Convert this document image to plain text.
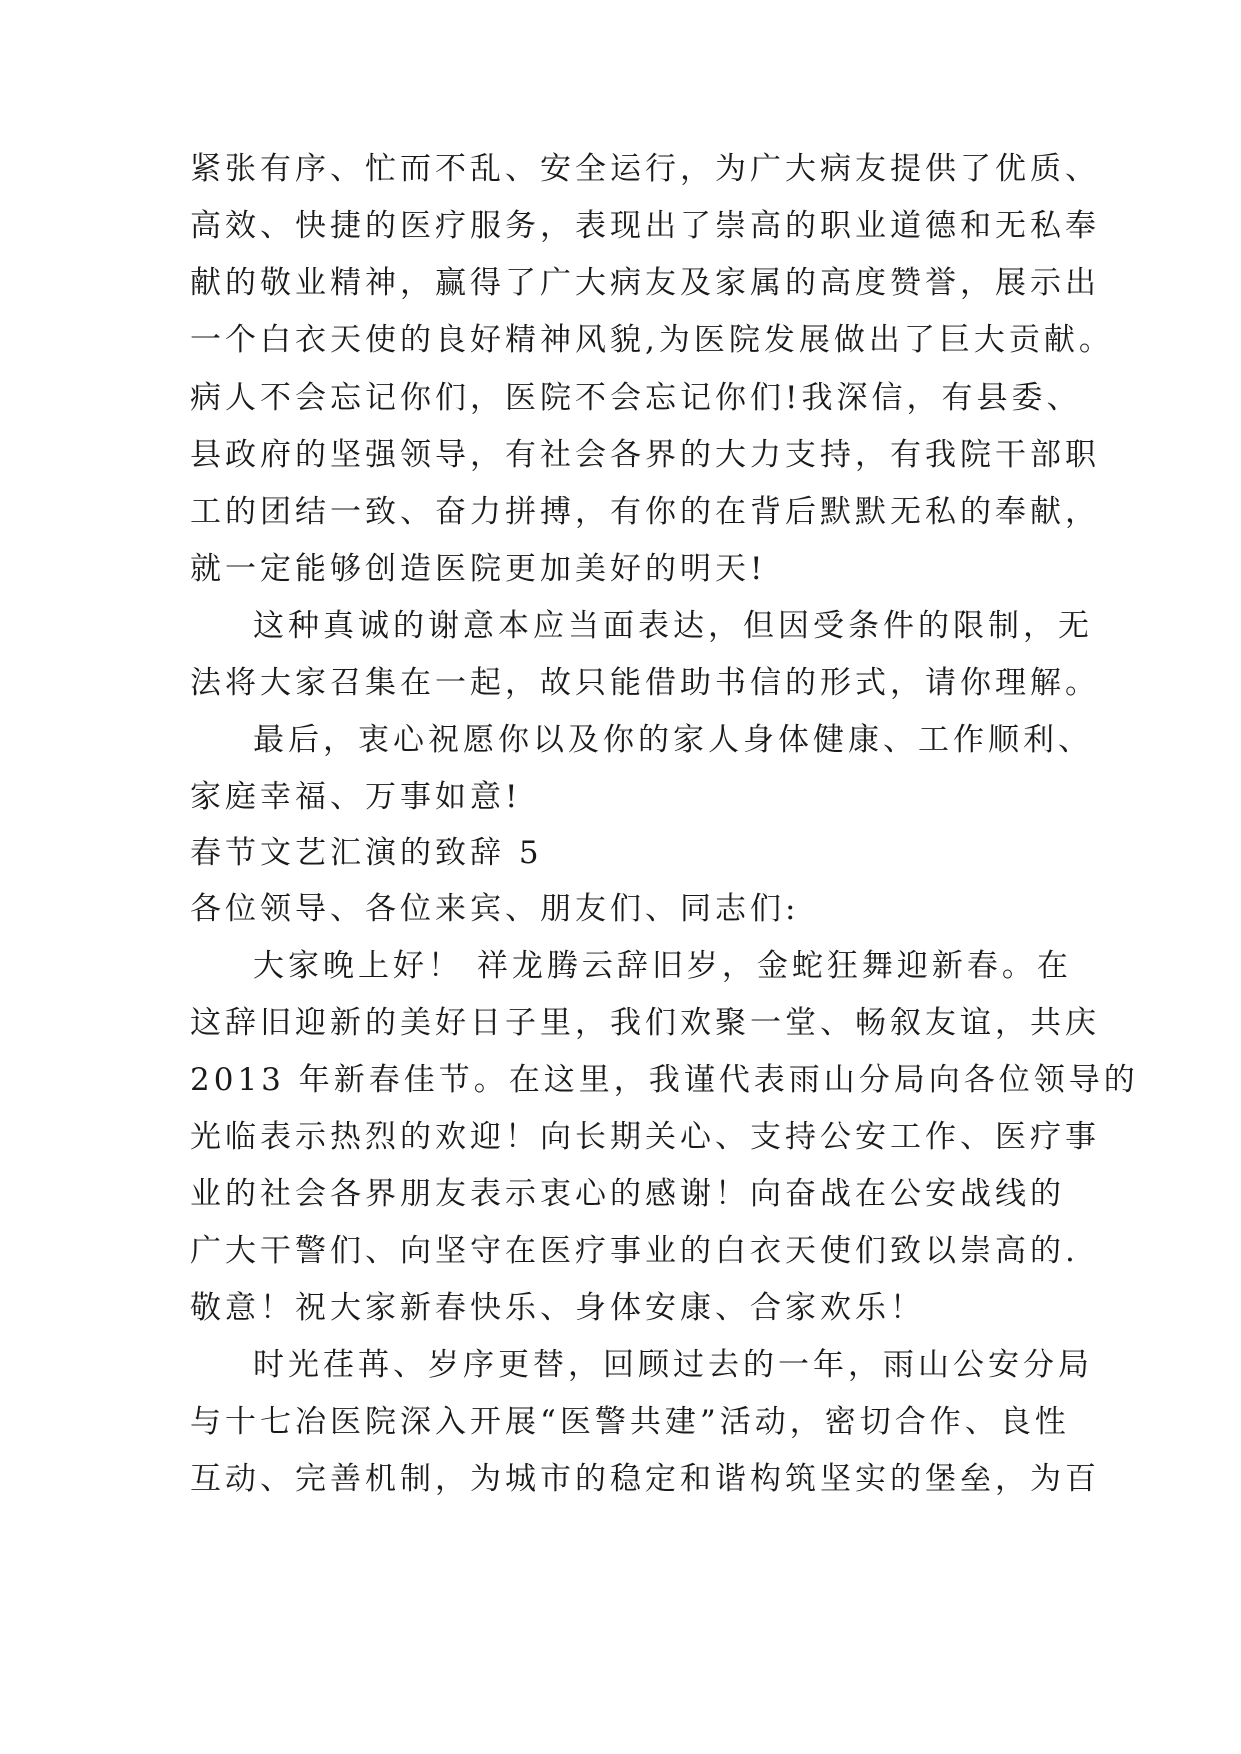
紧张有序、忙而不乱、安全运行，为广大病友提供了优质、
高效、快捷的医疗服务，表现出了崇高的职业道德和无私奉
献的敬业精神，赢得了广大病友及家属的高度赞誉，展示出
一个白衣天使的良好精神风貌,为医院发展做出了巨大贡献。
病人不会忘记你们，医院不会忘记你们!我深信，有县委、
县政府的坚强领导，有社会各界的大力支持，有我院干部职
工的团结一致、奋力拼搏，有你的在背后默默无私的奉献，
就一定能够创造医院更加美好的明天!
这种真诚的谢意本应当面表达，但因受条件的限制，无
法将大家召集在一起，故只能借助书信的形式，请你理解。
最后，衷心祝愿你以及你的家人身体健康、工作顺利、
家庭幸福、万事如意!
春节文艺汇演的致辞 5
各位领导、各位来宾、朋友们、同志们:
大家晚上好！ 祥龙腾云辞旧岁，金蛇狂舞迎新春。在
这辞旧迎新的美好日子里，我们欢聚一堂、畅叙友谊，共庆
2013 年新春佳节。在这里，我谨代表雨山分局向各位领导的
光临表示热烈的欢迎！向长期关心、支持公安工作、医疗事
业的社会各界朋友表示衷心的感谢！向奋战在公安战线的
广大干警们、向坚守在医疗事业的白衣天使们致以崇高的.
敬意！祝大家新春快乐、身体安康、合家欢乐！
时光荏苒、岁序更替，回顾过去的一年，雨山公安分局
与十七冶医院深入开展“医警共建”活动，密切合作、良性
互动、完善机制，为城市的稳定和谐构筑坚实的堡垒，为百
